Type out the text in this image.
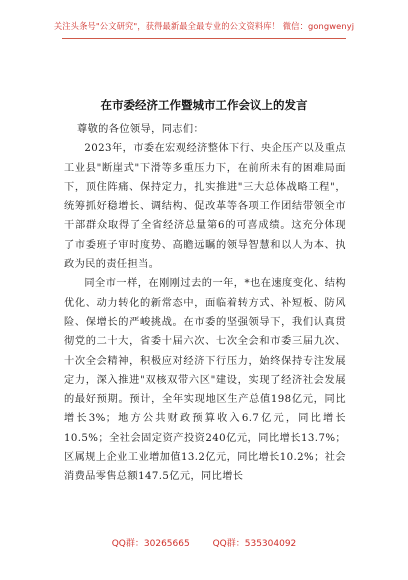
关注头条号"公文研究"，获得最新最全最专业的公文资料库！ 微信：gongwenyj
在市委经济工作暨城市工作会议上的发言

尊敬的各位领导，同志们：

2023年，市委在宏观经济整体下行、央企压产以及重点工业县"断崖式"下滑等多重压力下，在前所未有的困难局面下，顶住阵痛、保持定力，扎实推进"三大总体战略工程"，统筹抓好稳增长、调结构、促改革等各项工作团结带领全市干部群众取得了全省经济总量第6的可喜成绩。这充分体现了市委班子审时度势、高瞻远瞩的领导智慧和以人为本、执政为民的责任担当。

同全市一样，在刚刚过去的一年，*也在速度变化、结构优化、动力转化的新常态中，面临着转方式、补短板、防风险、保增长的严峻挑战。在市委的坚强领导下，我们认真贯彻党的二十大，省委十届六次、七次全会和市委三届九次、十次全会精神，积极应对经济下行压力，始终保持专注发展定力，深入推进"双核双带六区"建设，实现了经济社会发展的最好预期。预计，全年实现地区生产总值198亿元，同比增长3%；地方公共财政预算收入6.7亿元，同比增长10.5%；全社会固定资产投资240亿元，同比增长13.7%；区属规上企业工业增加值13.2亿元，同比增长10.2%；社会消费品零售总额147.5亿元，同比增长

QQ群：30265665	QQ群：535304092
